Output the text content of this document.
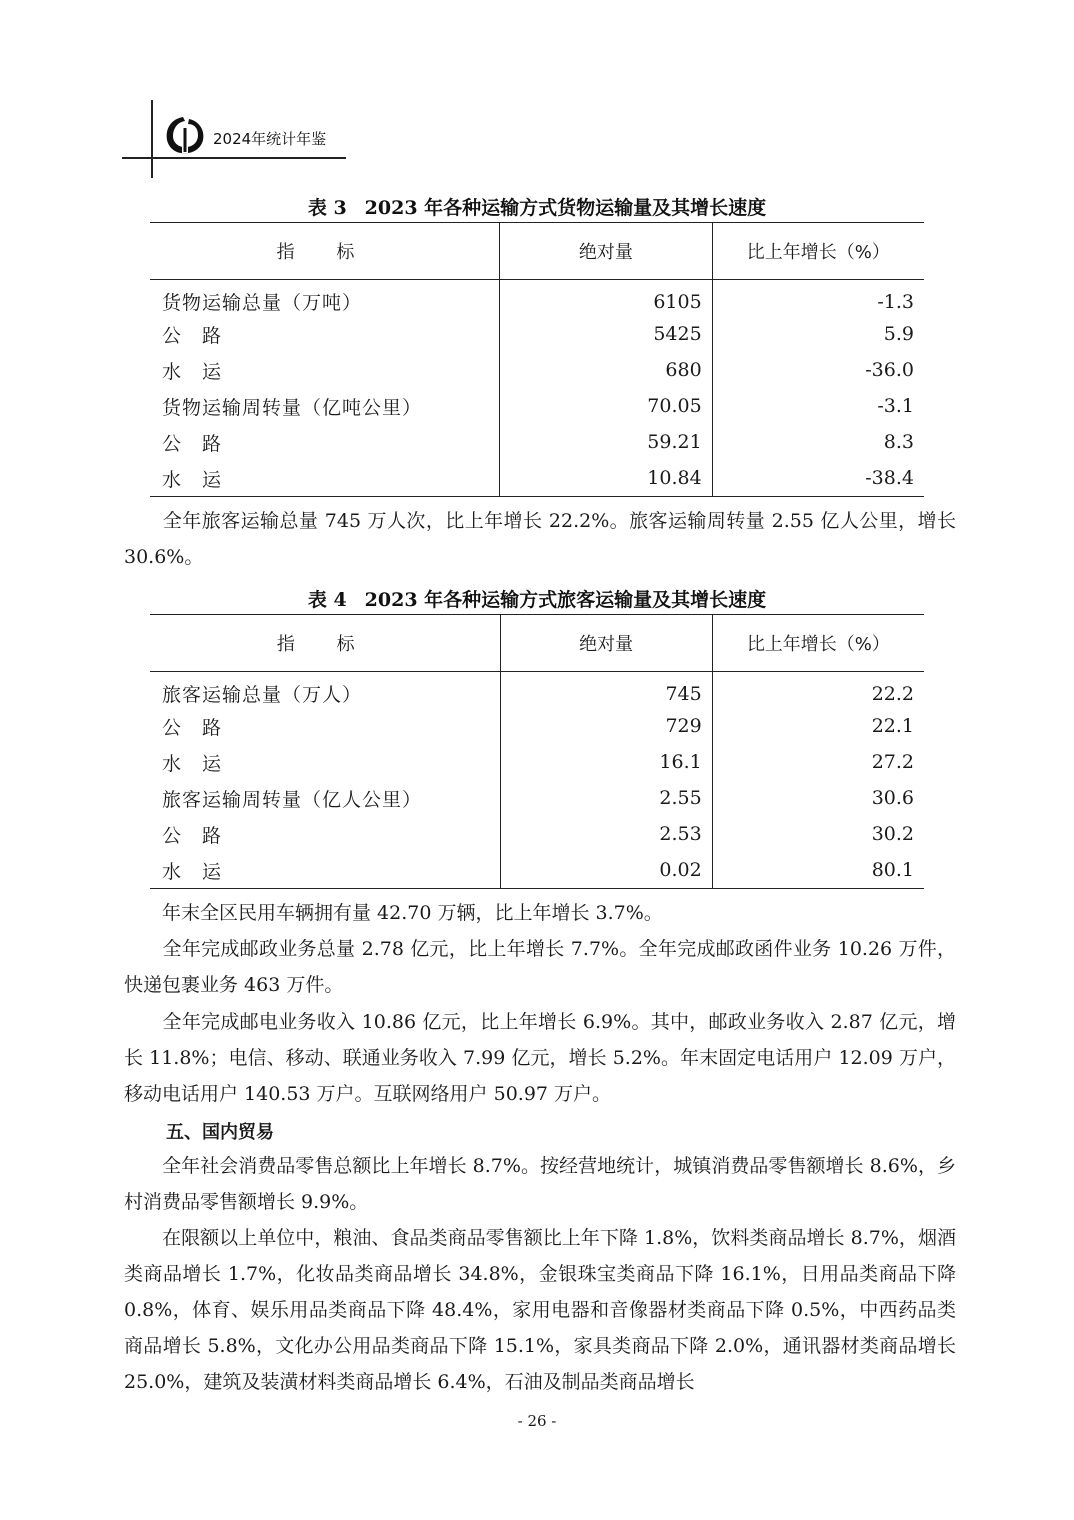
2024年统计年鉴
表 3 2023 年各种运输方式货物运输量及其增长速度
指 标	绝对量	比上年增长（%）
货物运输总量（万吨）	6105	-1.3
公　路	5425	5.9
水　运	680	-36.0
货物运输周转量（亿吨公里）	70.05	-3.1
公　路	59.21	8.3
水　运	10.84	-38.4

　　全年旅客运输总量 745 万人次，比上年增长 22.2%。旅客运输周转量 2.55 亿人公里，增长 30.6%。

表 4 2023 年各种运输方式旅客运输量及其增长速度
指 标	绝对量	比上年增长（%）
旅客运输总量（万人）	745	22.2
公　路	729	22.1
水　运	16.1	27.2
旅客运输周转量（亿人公里）	2.55	30.6
公　路	2.53	30.2
水　运	0.02	80.1

　　年末全区民用车辆拥有量 42.70 万辆，比上年增长 3.7%。

　　全年完成邮政业务总量 2.78 亿元，比上年增长 7.7%。全年完成邮政函件业务 10.26 万件，快递包裹业务 463 万件。

　　全年完成邮电业务收入 10.86 亿元，比上年增长 6.9%。其中，邮政业务收入 2.87 亿元，增长 11.8%；电信、移动、联通业务收入 7.99 亿元，增长 5.2%。年末固定电话用户 12.09 万户，移动电话用户 140.53 万户。互联网络用户 50.97 万户。

五、国内贸易

　　全年社会消费品零售总额比上年增长 8.7%。按经营地统计，城镇消费品零售额增长 8.6%，乡村消费品零售额增长 9.9%。

　　在限额以上单位中，粮油、食品类商品零售额比上年下降 1.8%，饮料类商品增长 8.7%，烟酒类商品增长 1.7%，化妆品类商品增长 34.8%，金银珠宝类商品下降 16.1%，日用品类商品下降 0.8%，体育、娱乐用品类商品下降 48.4%，家用电器和音像器材类商品下降 0.5%，中西药品类商品增长 5.8%，文化办公用品类商品下降 15.1%，家具类商品下降 2.0%，通讯器材类商品增长 25.0%，建筑及装潢材料类商品增长 6.4%，石油及制品类商品增长

- 26 -
